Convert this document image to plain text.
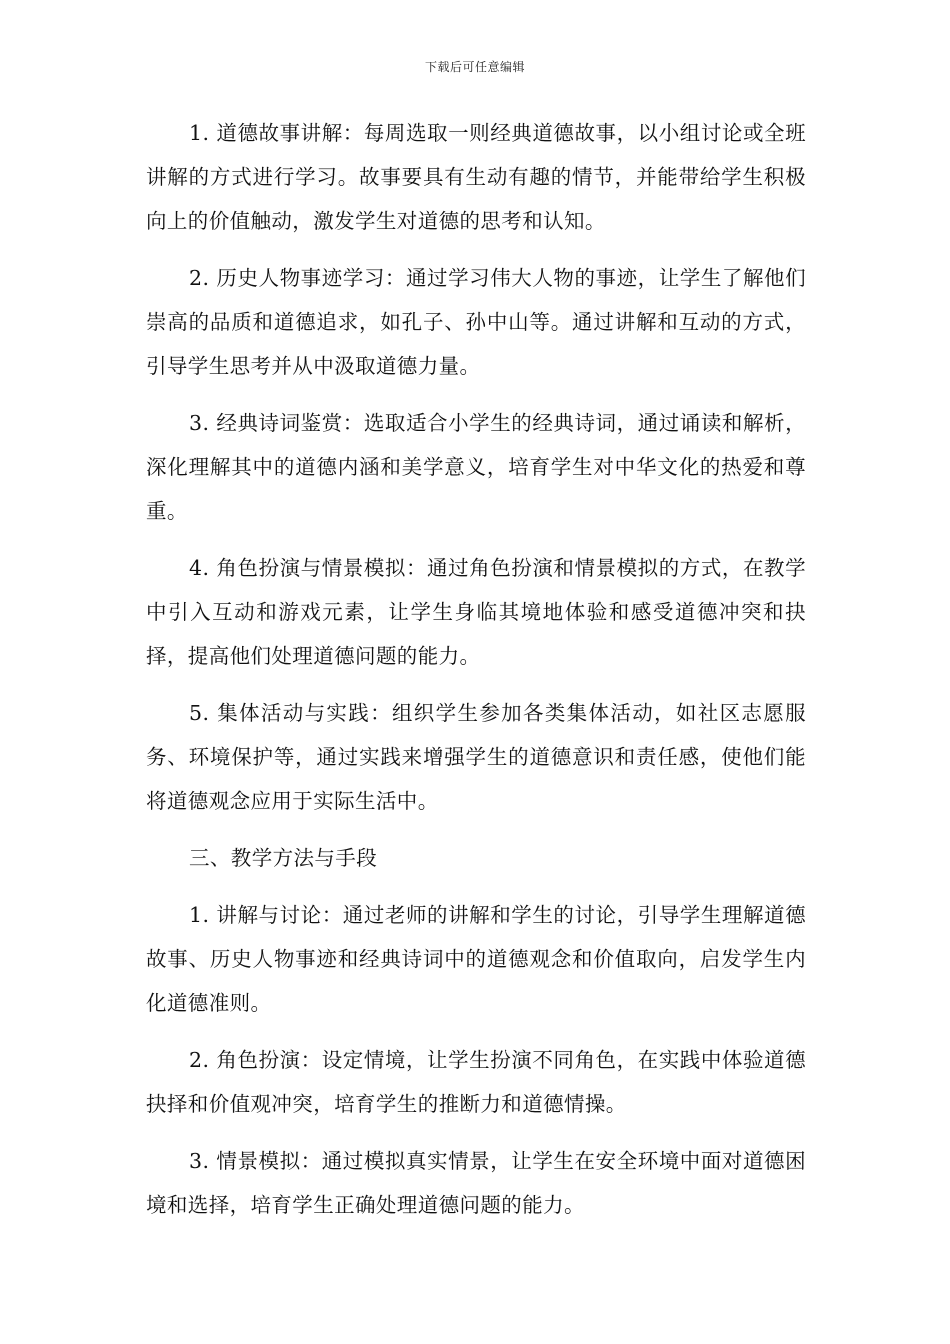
下载后可任意编辑

1. 道德故事讲解：每周选取一则经典道德故事，以小组讨论或全班讲解的方式进行学习。故事要具有生动有趣的情节，并能带给学生积极向上的价值触动，激发学生对道德的思考和认知。

2. 历史人物事迹学习：通过学习伟大人物的事迹，让学生了解他们崇高的品质和道德追求，如孔子、孙中山等。通过讲解和互动的方式，引导学生思考并从中汲取道德力量。

3. 经典诗词鉴赏：选取适合小学生的经典诗词，通过诵读和解析，深化理解其中的道德内涵和美学意义，培育学生对中华文化的热爱和尊重。

4. 角色扮演与情景模拟：通过角色扮演和情景模拟的方式，在教学中引入互动和游戏元素，让学生身临其境地体验和感受道德冲突和抉择，提高他们处理道德问题的能力。

5. 集体活动与实践：组织学生参加各类集体活动，如社区志愿服务、环境保护等，通过实践来增强学生的道德意识和责任感，使他们能将道德观念应用于实际生活中。

三、教学方法与手段

1. 讲解与讨论：通过老师的讲解和学生的讨论，引导学生理解道德故事、历史人物事迹和经典诗词中的道德观念和价值取向，启发学生内化道德准则。

2. 角色扮演：设定情境，让学生扮演不同角色，在实践中体验道德抉择和价值观冲突，培育学生的推断力和道德情操。

3. 情景模拟：通过模拟真实情景，让学生在安全环境中面对道德困境和选择，培育学生正确处理道德问题的能力。
